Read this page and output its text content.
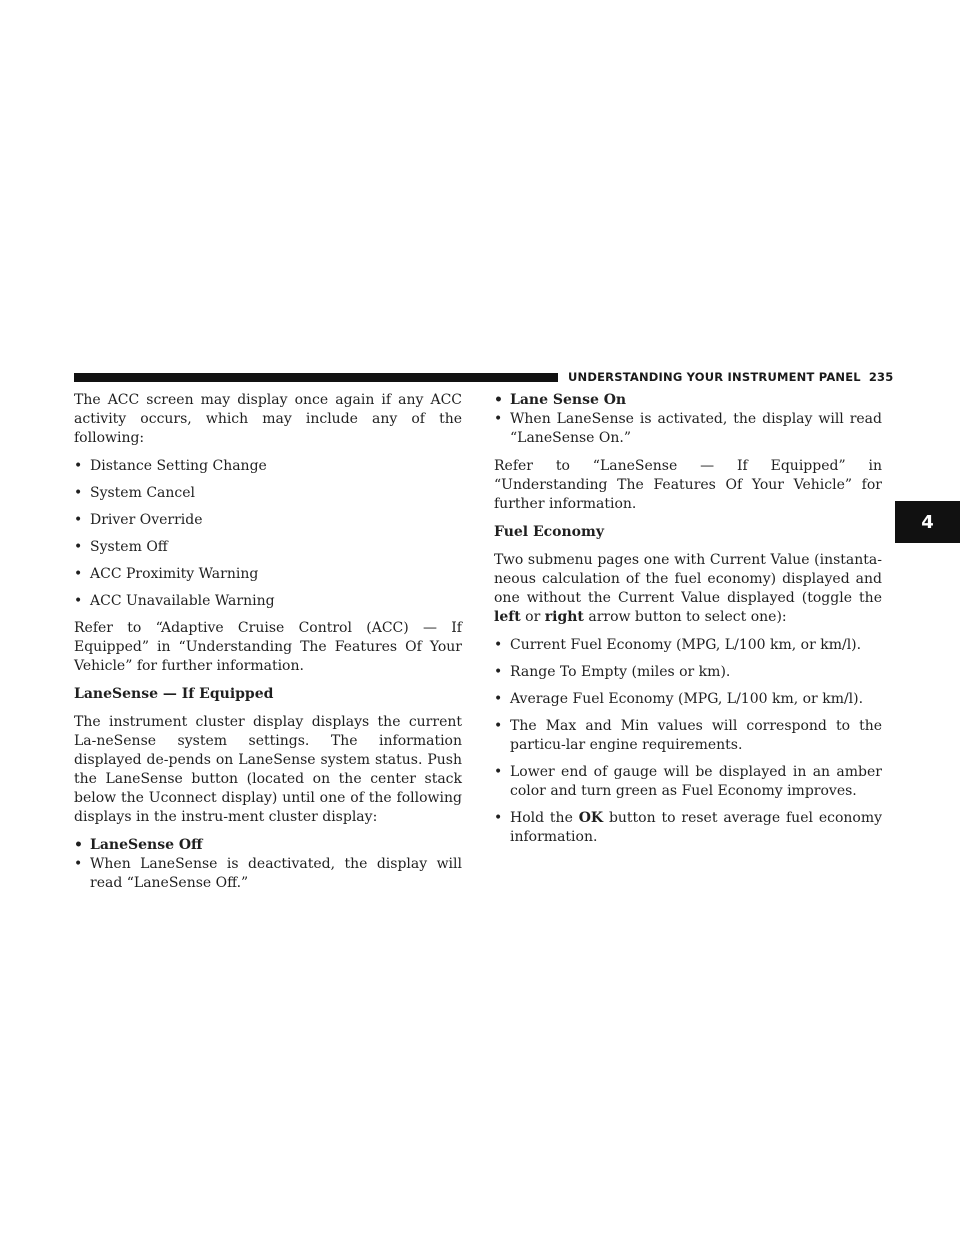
UNDERSTANDING YOUR INSTRUMENT PANEL 235
4

The ACC screen may display once again if any ACC activity occurs, which may include any of the following:

• Distance Setting Change
• System Cancel
• Driver Override
• System Off
• ACC Proximity Warning
• ACC Unavailable Warning

Refer to “Adaptive Cruise Control (ACC) — If Equipped” in “Understanding The Features Of Your Vehicle” for further information.

LaneSense — If Equipped

The instrument cluster display displays the current La-neSense system settings. The information displayed de-pends on LaneSense system status. Push the LaneSense button (located on the center stack below the Uconnect display) until one of the following displays in the instru-ment cluster display:

• LaneSense Off
• When LaneSense is deactivated, the display will read “LaneSense Off.”
• Lane Sense On
• When LaneSense is activated, the display will read “LaneSense On.”

Refer to “LaneSense — If Equipped” in “Understanding The Features Of Your Vehicle” for further information.

Fuel Economy

Two submenu pages one with Current Value (instanta-neous calculation of the fuel economy) displayed and one without the Current Value displayed (toggle the left or right arrow button to select one):

• Current Fuel Economy (MPG, L/100 km, or km/l).
• Range To Empty (miles or km).
• Average Fuel Economy (MPG, L/100 km, or km/l).
• The Max and Min values will correspond to the particu-lar engine requirements.
• Lower end of gauge will be displayed in an amber color and turn green as Fuel Economy improves.
• Hold the OK button to reset average fuel economy information.
